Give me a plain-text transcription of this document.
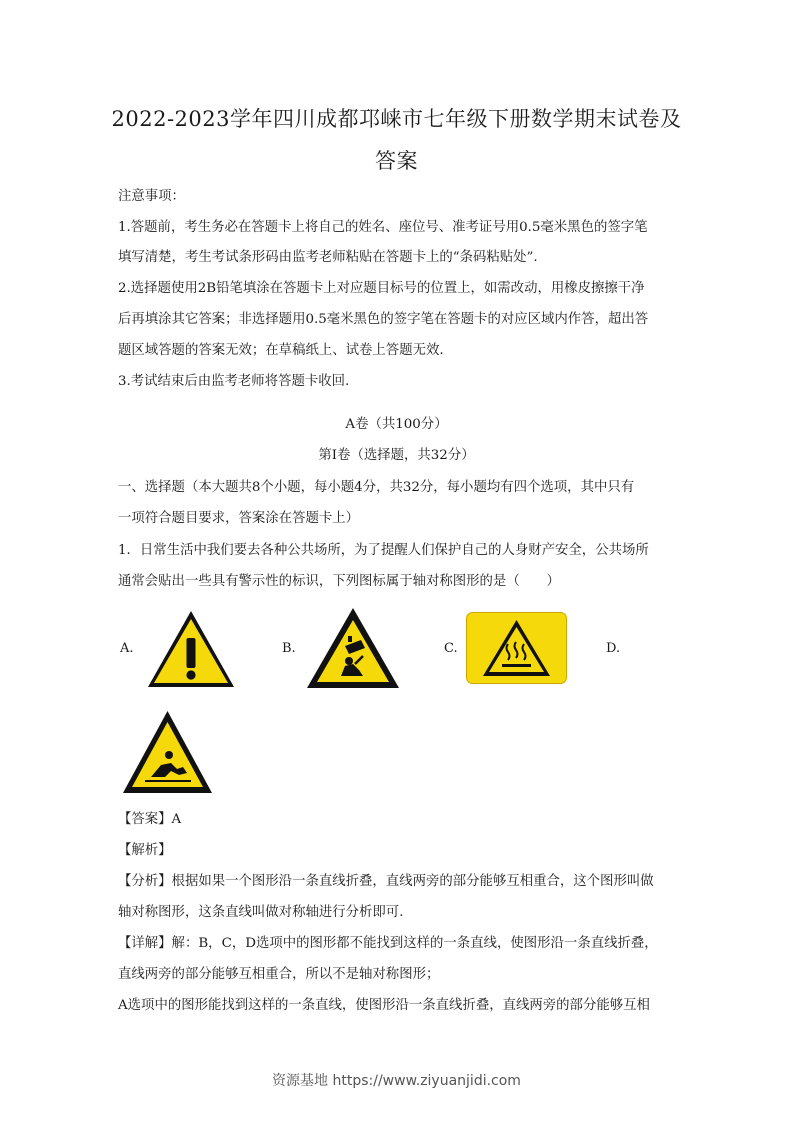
2022-2023学年四川成都邛崃市七年级下册数学期末试卷及
答案
注意事项：
1.答题前，考生务必在答题卡上将自己的姓名、座位号、准考证号用0.5毫米黑色的签字笔
填写清楚，考生考试条形码由监考老师粘贴在答题卡上的“条码粘贴处”.
2.选择题使用2B铅笔填涂在答题卡上对应题目标号的位置上，如需改动，用橡皮擦擦干净
后再填涂其它答案；非选择题用0.5毫米黑色的签字笔在答题卡的对应区域内作答，超出答
题区域答题的答案无效；在草稿纸上、试卷上答题无效.
3.考试结束后由监考老师将答题卡收回.
A卷（共100分）
第Ⅰ卷（选择题，共32分）
一、选择题（本大题共8个小题，每小题4分，共32分，每小题均有四个选项，其中只有
一项符合题目要求，答案涂在答题卡上）
1．日常生活中我们要去各种公共场所，为了提醒人们保护自己的人身财产安全，公共场所
通常会贴出一些具有警示性的标识，下列图标属于轴对称图形的是（　　）
A.	B.	C.	D.
【答案】A
【解析】
【分析】根据如果一个图形沿一条直线折叠，直线两旁的部分能够互相重合，这个图形叫做
轴对称图形，这条直线叫做对称轴进行分析即可.
【详解】解：B，C，D选项中的图形都不能找到这样的一条直线，使图形沿一条直线折叠，
直线两旁的部分能够互相重合，所以不是轴对称图形；
A选项中的图形能找到这样的一条直线，使图形沿一条直线折叠，直线两旁的部分能够互相
资源基地 https://www.ziyuanjidi.com
